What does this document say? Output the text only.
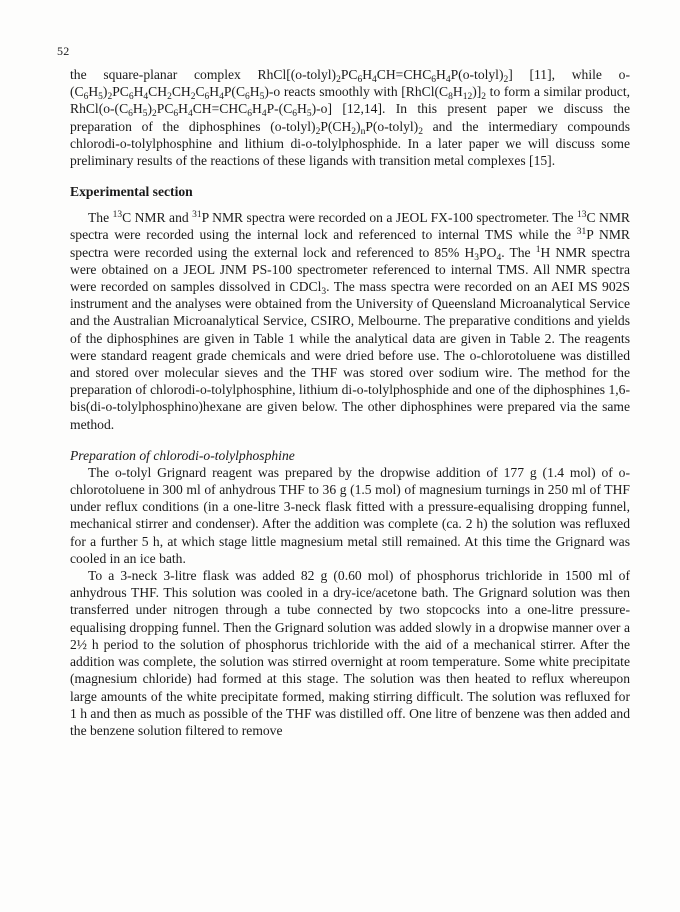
52

the square-planar complex $RhCl[(o-tolyl)_2PC_6H_4CH=CHC_6H_4P(o-tolyl)_2]$ [11], while $o-(C_6H_5)_2PC_6H_4CH_2CH_2C_6H_4P(C_6H_5)-o$ reacts smoothly with $[RhCl(C_8H_{12})]_2$ to form a similar product, $RhCl(o-(C_6H_5)_2PC_6H_4CH=CHC_6H_4P-(C_6H_5)-o]$ [12,14]. In this present paper we discuss the preparation of the diphosphines $(o-tolyl)_2P(CH_2)_nP(o-tolyl)_2$ and the intermediary compounds chlorodi-o-tolylphosphine and lithium di-o-tolylphosphide. In a later paper we will discuss some preliminary results of the reactions of these ligands with transition metal complexes [15].

Experimental section

The $^{13}$C NMR and $^{31}$P NMR spectra were recorded on a JEOL FX-100 spectrometer. The $^{13}$C NMR spectra were recorded using the internal lock and referenced to internal TMS while the $^{31}$P NMR spectra were recorded using the external lock and referenced to 85% $H_3PO_4$. The $^1$H NMR spectra were obtained on a JEOL JNM PS-100 spectrometer referenced to internal TMS. All NMR spectra were recorded on samples dissolved in CDCl$_3$. The mass spectra were recorded on an AEI MS 902S instrument and the analyses were obtained from the University of Queensland Microanalytical Service and the Australian Microanalytical Service, CSIRO, Melbourne. The preparative conditions and yields of the diphosphines are given in Table 1 while the analytical data are given in Table 2. The reagents were standard reagent grade chemicals and were dried before use. The o-chlorotoluene was distilled and stored over molecular sieves and the THF was stored over sodium wire. The method for the preparation of chlorodi-o-tolylphosphine, lithium di-o-tolylphosphide and one of the diphosphines 1,6-bis(di-o-tolylphosphino)hexane are given below. The other diphosphines were prepared via the same method.

Preparation of chlorodi-o-tolylphosphine

The o-tolyl Grignard reagent was prepared by the dropwise addition of 177 g (1.4 mol) of o-chlorotoluene in 300 ml of anhydrous THF to 36 g (1.5 mol) of magnesium turnings in 250 ml of THF under reflux conditions (in a one-litre 3-neck flask fitted with a pressure-equalising dropping funnel, mechanical stirrer and condenser). After the addition was complete (ca. 2 h) the solution was refluxed for a further 5 h, at which stage little magnesium metal still remained. At this time the Grignard was cooled in an ice bath.

To a 3-neck 3-litre flask was added 82 g (0.60 mol) of phosphorus trichloride in 1500 ml of anhydrous THF. This solution was cooled in a dry-ice/acetone bath. The Grignard solution was then transferred under nitrogen through a tube connected by two stopcocks into a one-litre pressure-equalising dropping funnel. Then the Grignard solution was added slowly in a dropwise manner over a 2½ h period to the solution of phosphorus trichloride with the aid of a mechanical stirrer. After the addition was complete, the solution was stirred overnight at room temperature. Some white precipitate (magnesium chloride) had formed at this stage. The solution was then heated to reflux whereupon large amounts of the white precipitate formed, making stirring difficult. The solution was refluxed for 1 h and then as much as possible of the THF was distilled off. One litre of benzene was then added and the benzene solution filtered to remove
